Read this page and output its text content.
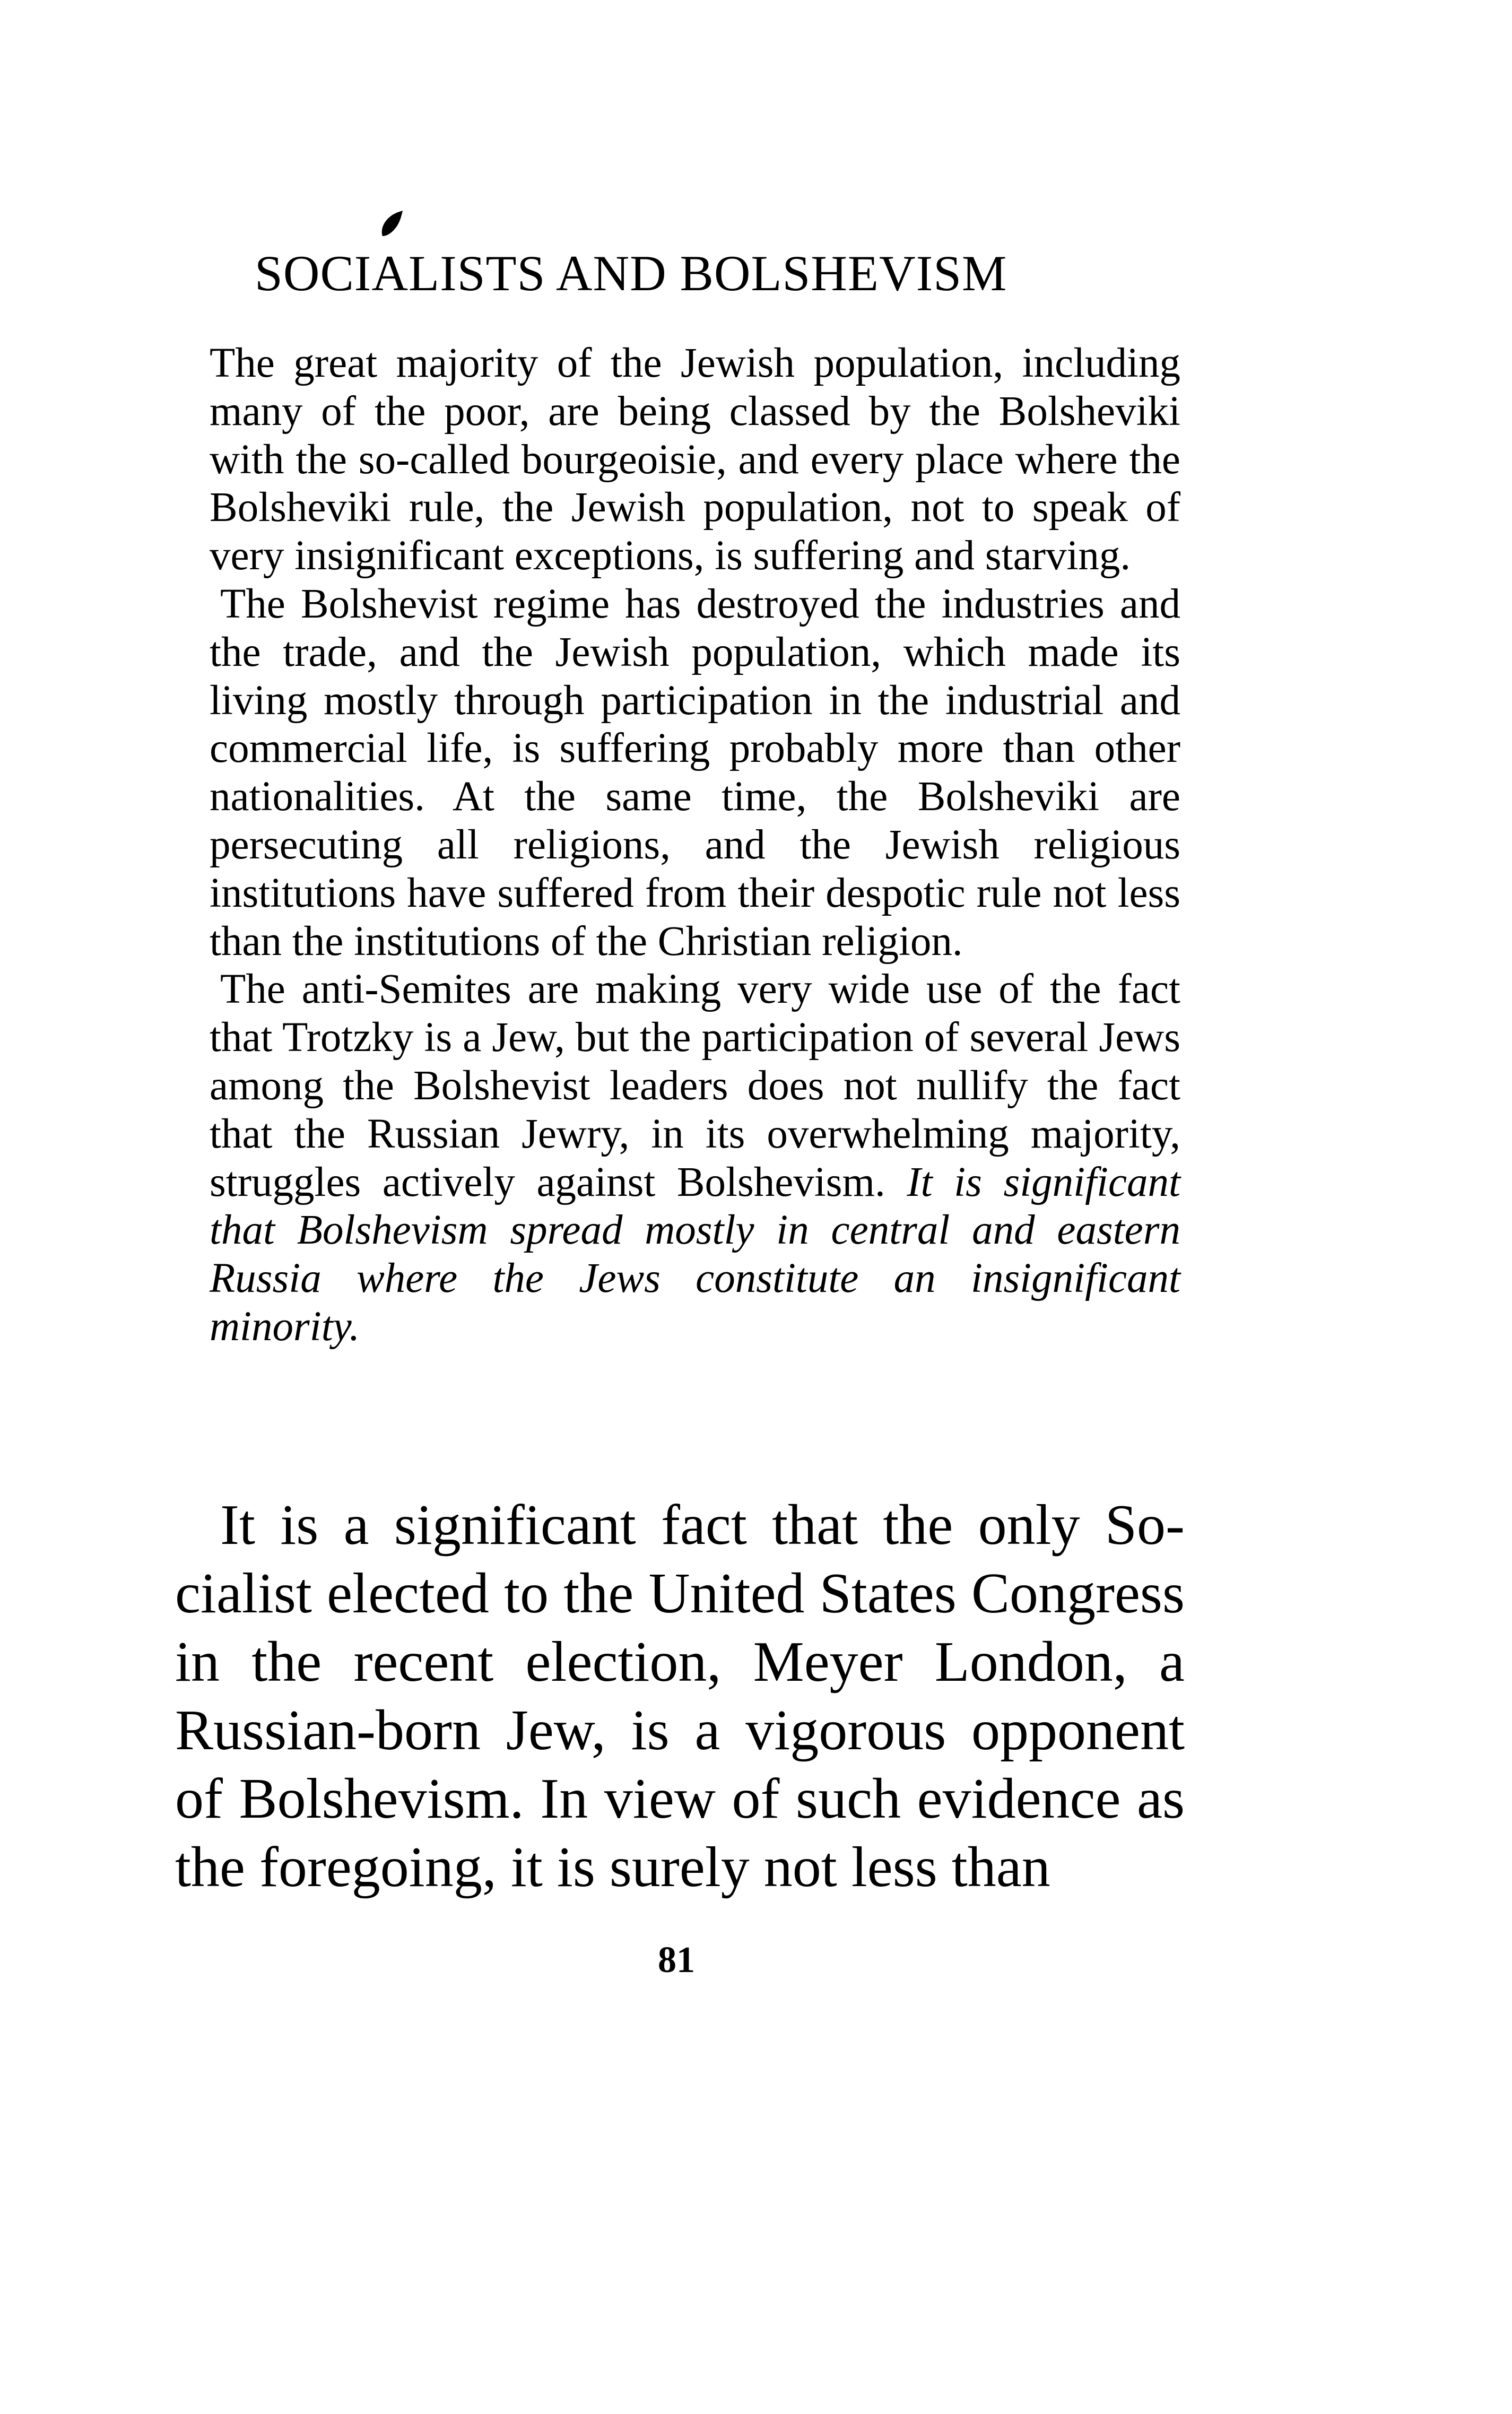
SOCIALISTS AND BOLSHEVISM

The great majority of the Jewish population, including many of the poor, are being classed by the Bolsheviki with the so-called bourgeoisie, and every place where the Bolsheviki rule, the Jewish population, not to speak of very insignificant exceptions, is suffering and starving.

The Bolshevist regime has destroyed the industries and the trade, and the Jewish population, which made its living mostly through participation in the industrial and commercial life, is suffering probably more than other nationalities. At the same time, the Bolsheviki are persecuting all religions, and the Jewish religious institutions have suffered from their despotic rule not less than the institutions of the Christian religion.

The anti-Semites are making very wide use of the fact that Trotzky is a Jew, but the participation of several Jews among the Bolshevist leaders does not nullify the fact that the Russian Jewry, in its overwhelming majority, struggles actively against Bolshevism. It is significant that Bolshevism spread mostly in central and eastern Russia where the Jews constitute an insignificant minority.

It is a significant fact that the only Socialist elected to the United States Congress in the recent election, Meyer London, a Russian-born Jew, is a vigorous opponent of Bolshevism. In view of such evidence as the foregoing, it is surely not less than

81
